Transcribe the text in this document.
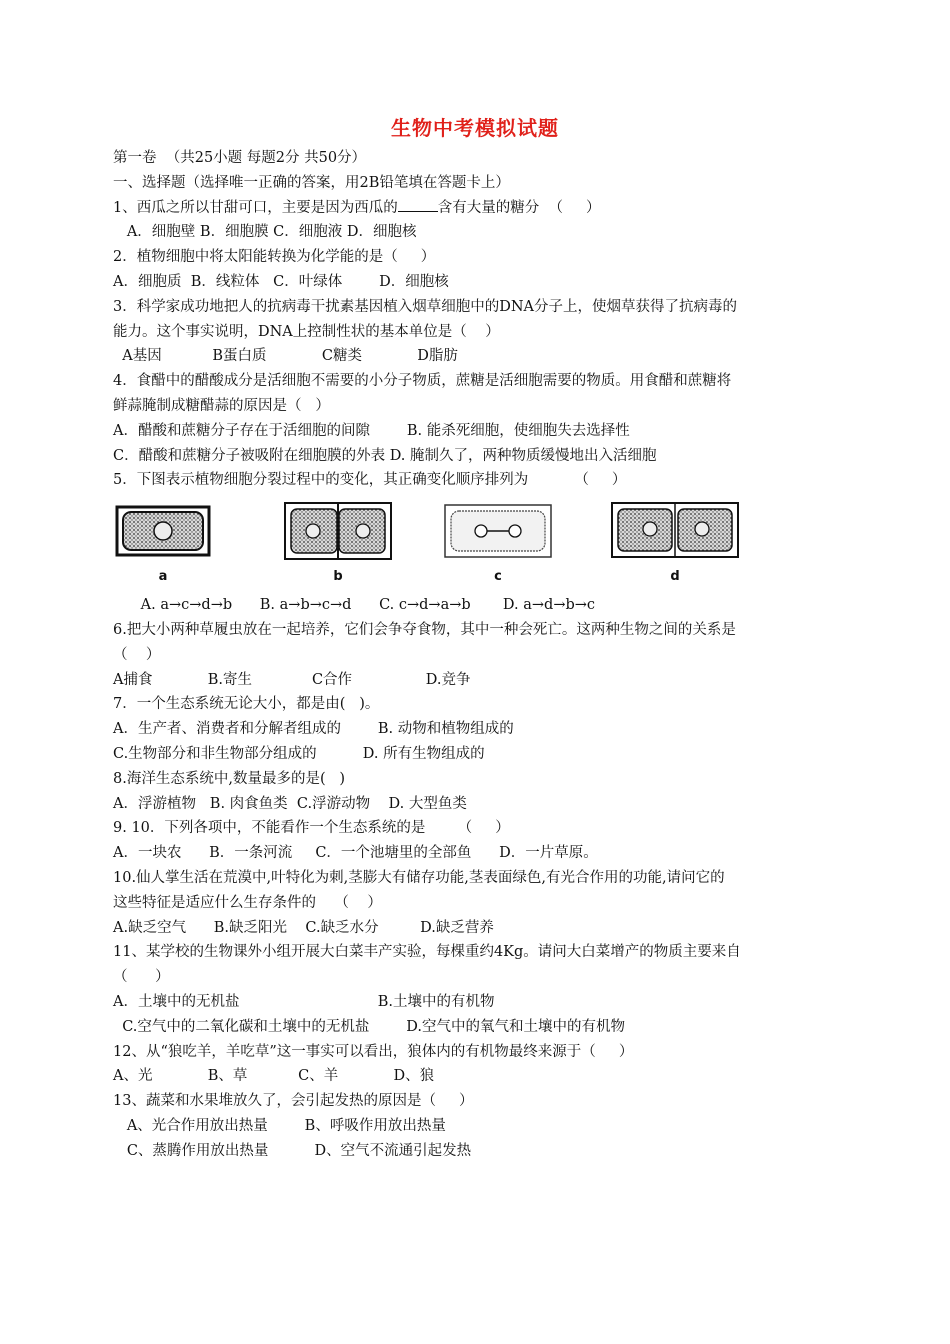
生物中考模拟试题
第一卷  （共25小题 每题2分 共50分）
一、选择题（选择唯一正确的答案，用2B铅笔填在答题卡上）
1、西瓜之所以甘甜可口，主要是因为西瓜的	含有大量的糖分  （     ）
A．细胞壁 B．细胞膜 C．细胞液 D．细胞核
2．植物细胞中将太阳能转换为化学能的是（     ）
A．细胞质  B．线粒体   C．叶绿体        D．细胞核
3．科学家成功地把人的抗病毒干扰素基因植入烟草细胞中的DNA分子上，使烟草获得了抗病毒的
能力。这个事实说明，DNA上控制性状的基本单位是（    ）
A基因           B蛋白质            C糖类            D脂肪
4．食醋中的醋酸成分是活细胞不需要的小分子物质，蔗糖是活细胞需要的物质。用食醋和蔗糖将
鲜蒜腌制成糖醋蒜的原因是（   ）
A．醋酸和蔗糖分子存在于活细胞的间隙        B. 能杀死细胞，使细胞失去选择性
C．醋酸和蔗糖分子被吸附在细胞膜的外表 D. 腌制久了，两种物质缓慢地出入活细胞
5．下图表示植物细胞分裂过程中的变化，其正确变化顺序排列为          （     ）
a	b	c	d
A. a→c→d→b      B. a→b→c→d      C. c→d→a→b       D. a→d→b→c
6.把大小两种草履虫放在一起培养，它们会争夺食物，其中一种会死亡。这两种生物之间的关系是
（    ）
A捕食            B.寄生             C合作                D.竞争
7．一个生态系统无论大小，都是由(   )。
A．生产者、消费者和分解者组成的        B. 动物和植物组成的
C.生物部分和非生物部分组成的          D. 所有生物组成的
8.海洋生态系统中,数量最多的是(   )
A．浮游植物   B. 肉食鱼类  C.浮游动物    D. 大型鱼类
9. 10．下列各项中，不能看作一个生态系统的是       （     ）
A．一块农      B．一条河流     C．一个池塘里的全部鱼      D．一片草原。
10.仙人掌生活在荒漠中,叶特化为刺,茎膨大有储存功能,茎表面绿色,有光合作用的功能,请问它的
这些特征是适应什么生存条件的    （    ）
A.缺乏空气      B.缺乏阳光    C.缺乏水分         D.缺乏营养
11、某学校的生物课外小组开展大白菜丰产实验，每棵重约4Kg。请问大白菜增产的物质主要来自
（      ）
A．土壤中的无机盐                              B.土壤中的有机物
C.空气中的二氧化碳和土壤中的无机盐        D.空气中的氧气和土壤中的有机物
12、从“狼吃羊，羊吃草”这一事实可以看出，狼体内的有机物最终来源于（     ）
A、光            B、草           C、羊            D、狼
13、蔬菜和水果堆放久了，会引起发热的原因是（     ）
A、光合作用放出热量        B、呼吸作用放出热量
C、蒸腾作用放出热量          D、空气不流通引起发热
